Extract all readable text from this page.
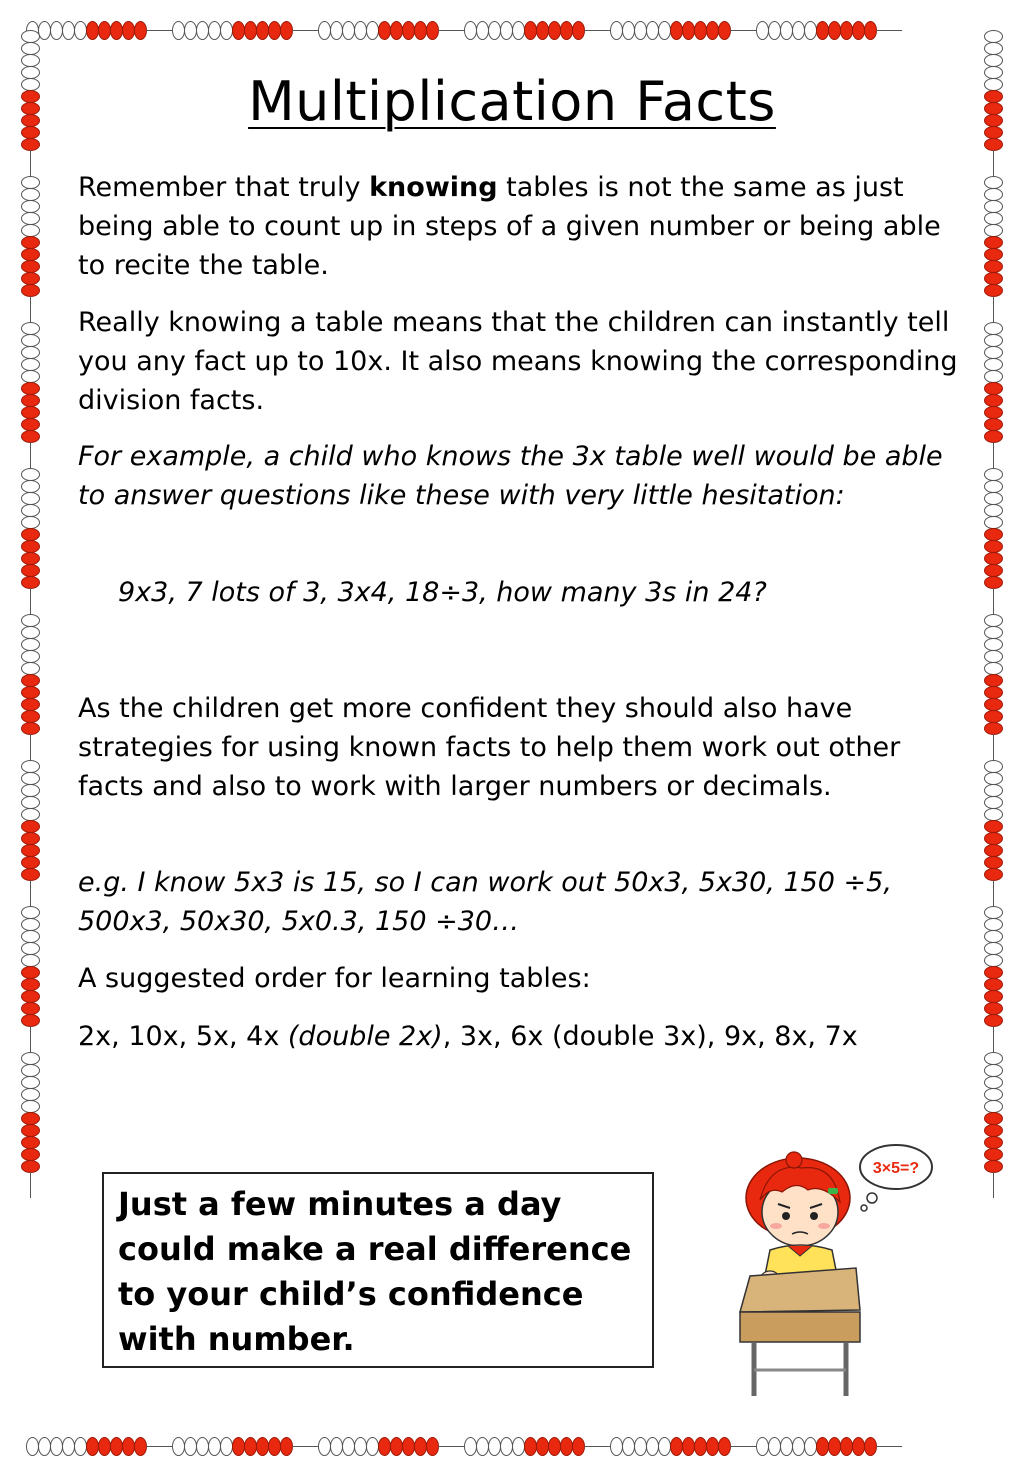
Multiplication Facts

Remember that truly knowing tables is not the same as just being able to count up in steps of a given number or being able to recite the table.

Really knowing a table means that the children can instantly tell you any fact up to 10x. It also means knowing the corresponding division facts.

For example, a child who knows the 3x table well would be able to answer questions like these with very little hesitation:

9x3, 7 lots of 3, 3x4, 18÷3, how many 3s in 24?

As the children get more confident they should also have strategies for using known facts to help them work out other facts and also to work with larger numbers or decimals.

e.g. I know 5x3 is 15, so I can work out 50x3, 5x30, 150 ÷5, 500x3, 50x30, 5x0.3, 150 ÷30…

A suggested order for learning tables:

2x, 10x, 5x, 4x (double 2x), 3x, 6x (double 3x), 9x, 8x, 7x

Just a few minutes a day could make a real difference to your child’s confidence with number.
3×5=?
